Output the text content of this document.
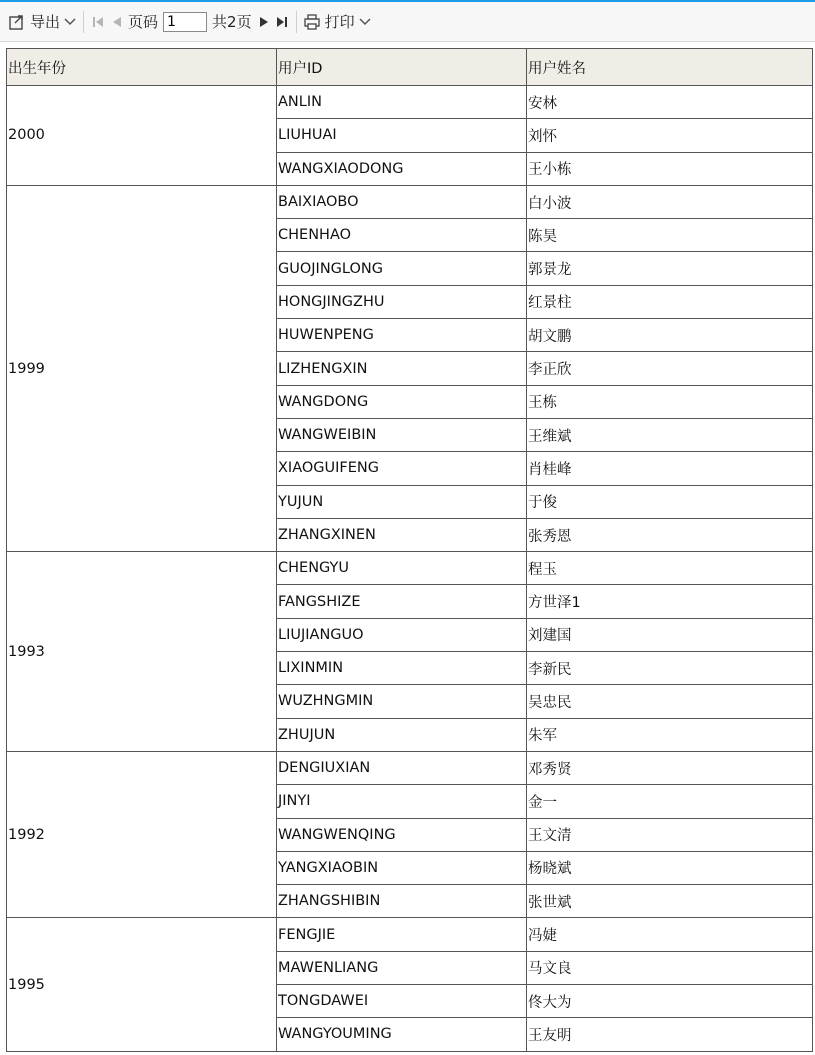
导出	页码
1	共2页	打印
出生年份	用户ID	用户姓名
2000	ANLIN	安林
	LIUHUAI	刘怀
	WANGXIAODONG	王小栋
1999	BAIXIAOBO	白小波
	CHENHAO	陈昊
	GUOJINGLONG	郭景龙
	HONGJINGZHU	红景柱
	HUWENPENG	胡文鹏
	LIZHENGXIN	李正欣
	WANGDONG	王栋
	WANGWEIBIN	王维斌
	XIAOGUIFENG	肖桂峰
	YUJUN	于俊
	ZHANGXINEN	张秀恩
1993	CHENGYU	程玉
	FANGSHIZE	方世泽1
	LIUJIANGUO	刘建国
	LIXINMIN	李新民
	WUZHNGMIN	吴忠民
	ZHUJUN	朱军
1992	DENGIUXIAN	邓秀贤
	JINYI	金一
	WANGWENQING	王文清
	YANGXIAOBIN	杨晓斌
	ZHANGSHIBIN	张世斌
1995	FENGJIE	冯婕
	MAWENLIANG	马文良
	TONGDAWEI	佟大为
	WANGYOUMING	王友明
